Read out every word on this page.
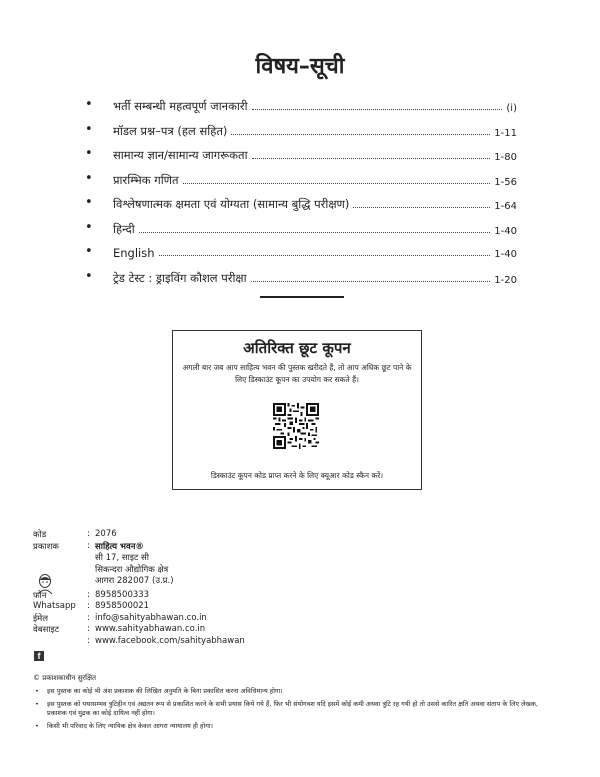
विषय–सूची
• भर्ती सम्बन्धी महत्वपूर्ण जानकारी	(i)
• मॉडल प्रश्न–पत्र (हल सहित)	1-11
• सामान्य ज्ञान/सामान्य जागरूकता	1-80
• प्रारम्भिक गणित	1-56
• विश्लेषणात्मक क्षमता एवं योग्यता (सामान्य बुद्धि परीक्षण)	1-64
• हिन्दी	1-40
• English	1-40
• ट्रेड टेस्ट : ड्राइविंग कौशल परीक्षा	1-20
अतिरिक्त छूट कूपन
अगली बार जब आप साहित्य भवन की पुस्तक खरीदते हैं, तो आप अधिक छूट पाने के लिए डिस्काउंट कूपन का उपयोग कर सकते हैं।
डिस्काउंट कूपन कोड प्राप्त करने के लिए क्यूआर कोड स्कैन करें।
कोड	: 2076
प्रकाशक	: साहित्य भवन®
सी 17, साइट सी
सिकन्दरा औद्योगिक क्षेत्र
आगरा 282007 (उ.प्र.)
फोन	: 8958500333
Whatsapp : 8958500021
ईमेल	: info@sahityabhawan.co.in
वेबसाइट	: www.sahityabhawan.co.in
: www.facebook.com/sahityabhawan
f
© प्रकाशकाधीन सुरक्षित
• इस पुस्तक का कोई भी अंश प्रकाशक की लिखित अनुमति के बिना प्रकाशित करना अविधिमान्य होगा।
• इस पुस्तक को यथासम्भव त्रुटिहीन एवं अद्यतन रूप से प्रकाशित करने के सभी प्रयास किये गये हैं, फिर भी संयोगवश यदि इसमें कोई कमी अथवा त्रुटि रह गयी हो तो उससे कारित क्षति अथवा संताप के लिए लेखक, प्रकाशक एवं मुद्रक का कोई दायित्व नहीं होगा।
• किसी भी परिवाद के लिए न्यायिक क्षेत्र केवल आगरा न्यायालय ही होगा।
